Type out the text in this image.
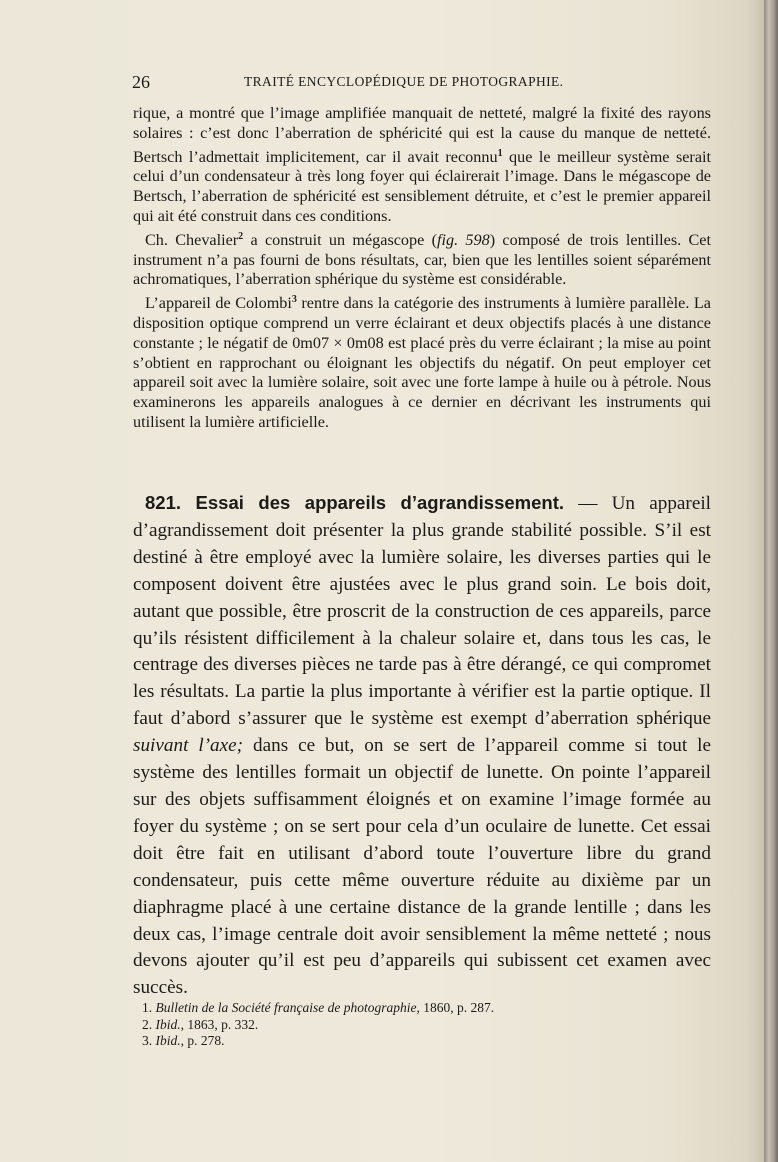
26	TRAITÉ ENCYCLOPÉDIQUE DE PHOTOGRAPHIE.

rique, a montré que l’image amplifiée manquait de netteté, malgré la fixité des rayons solaires : c’est donc l’aberration de sphéricité qui est la cause du manque de netteté. Bertsch l’admettait implicitement, car il avait reconnu$^1$ que le meilleur système serait celui d’un condensateur à très long foyer qui éclairerait l’image. Dans le mégascope de Bertsch, l’aberration de sphéricité est sensiblement détruite, et c’est le premier appareil qui ait été construit dans ces conditions.

Ch. Chevalier$^2$ a construit un mégascope (fig. 598) composé de trois lentilles. Cet instrument n’a pas fourni de bons résultats, car, bien que les lentilles soient séparément achromatiques, l’aberration sphérique du système est considérable.

L’appareil de Colombi$^3$ rentre dans la catégorie des instruments à lumière parallèle. La disposition optique comprend un verre éclairant et deux objectifs placés à une distance constante ; le négatif de 0m07 × 0m08 est placé près du verre éclairant ; la mise au point s’obtient en rapprochant ou éloignant les objectifs du négatif. On peut employer cet appareil soit avec la lumière solaire, soit avec une forte lampe à huile ou à pétrole. Nous examinerons les appareils analogues à ce dernier en décrivant les instruments qui utilisent la lumière artificielle.

821. Essai des appareils d’agrandissement. — Un appareil d’agrandissement doit présenter la plus grande stabilité possible. S’il est destiné à être employé avec la lumière solaire, les diverses parties qui le composent doivent être ajustées avec le plus grand soin. Le bois doit, autant que possible, être proscrit de la construction de ces appareils, parce qu’ils résistent difficilement à la chaleur solaire et, dans tous les cas, le centrage des diverses pièces ne tarde pas à être dérangé, ce qui compromet les résultats. La partie la plus importante à vérifier est la partie optique. Il faut d’abord s’assurer que le système est exempt d’aberration sphérique suivant l’axe; dans ce but, on se sert de l’appareil comme si tout le système des lentilles formait un objectif de lunette. On pointe l’appareil sur des objets suffisamment éloignés et on examine l’image formée au foyer du système ; on se sert pour cela d’un oculaire de lunette. Cet essai doit être fait en utilisant d’abord toute l’ouverture libre du grand condensateur, puis cette même ouverture réduite au dixième par un diaphragme placé à une certaine distance de la grande lentille ; dans les deux cas, l’image centrale doit avoir sensiblement la même netteté ; nous devons ajouter qu’il est peu d’appareils qui subissent cet examen avec succès.

1. Bulletin de la Société française de photographie, 1860, p. 287.
2. Ibid., 1863, p. 332.
3. Ibid., p. 278.
